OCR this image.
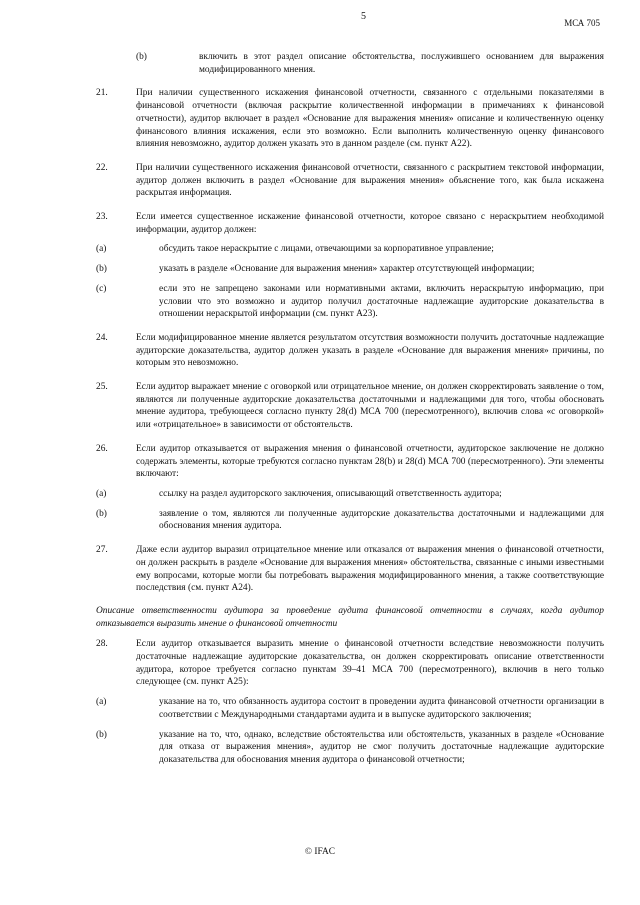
5
МСА 705
(b)	включить в этот раздел описание обстоятельства, послужившего основанием для выражения модифицированного мнения.
21.	При наличии существенного искажения финансовой отчетности, связанного с отдельными показателями в финансовой отчетности (включая раскрытие количественной информации в примечаниях к финансовой отчетности), аудитор включает в раздел «Основание для выражения мнения» описание и количественную оценку финансового влияния искажения, если это возможно. Если выполнить количественную оценку финансового влияния невозможно, аудитор должен указать это в данном разделе (см. пункт A22).
22.	При наличии существенного искажения финансовой отчетности, связанного с раскрытием текстовой информации, аудитор должен включить в раздел «Основание для выражения мнения» объяснение того, как была искажена раскрытая информация.
23.	Если имеется существенное искажение финансовой отчетности, которое связано с нераскрытием необходимой информации, аудитор должен:
(a)	обсудить такое нераскрытие с лицами, отвечающими за корпоративное управление;
(b)	указать в разделе «Основание для выражения мнения» характер отсутствующей информации;
(c)	если это не запрещено законами или нормативными актами, включить нераскрытую информацию, при условии что это возможно и аудитор получил достаточные надлежащие аудиторские доказательства в отношении нераскрытой информации (см. пункт A23).
24.	Если модифицированное мнение является результатом отсутствия возможности получить достаточные надлежащие аудиторские доказательства, аудитор должен указать в разделе «Основание для выражения мнения» причины, по которым это невозможно.
25.	Если аудитор выражает мнение с оговоркой или отрицательное мнение, он должен скорректировать заявление о том, являются ли полученные аудиторские доказательства достаточными и надлежащими для того, чтобы обосновать мнение аудитора, требующееся согласно пункту 28(d) МСА 700 (пересмотренного), включив слова «с оговоркой» или «отрицательное» в зависимости от обстоятельств.
26.	Если аудитор отказывается от выражения мнения о финансовой отчетности, аудиторское заключение не должно содержать элементы, которые требуются согласно пунктам 28(b) и 28(d) МСА 700 (пересмотренного). Эти элементы включают:
(a)	ссылку на раздел аудиторского заключения, описывающий ответственность аудитора;
(b)	заявление о том, являются ли полученные аудиторские доказательства достаточными и надлежащими для обоснования мнения аудитора.
27.	Даже если аудитор выразил отрицательное мнение или отказался от выражения мнения о финансовой отчетности, он должен раскрыть в разделе «Основание для выражения мнения» обстоятельства, связанные с иными известными ему вопросами, которые могли бы потребовать выражения модифицированного мнения, а также соответствующие последствия (см. пункт A24).
Описание ответственности аудитора за проведение аудита финансовой отчетности в случаях, когда аудитор отказывается выразить мнение о финансовой отчетности
28.	Если аудитор отказывается выразить мнение о финансовой отчетности вследствие невозможности получить достаточные надлежащие аудиторские доказательства, он должен скорректировать описание ответственности аудитора, которое требуется согласно пунктам 39–41 МСА 700 (пересмотренного), включив в него только следующее (см. пункт A25):
(a)	указание на то, что обязанность аудитора состоит в проведении аудита финансовой отчетности организации в соответствии с Международными стандартами аудита и в выпуске аудиторского заключения;
(b)	указание на то, что, однако, вследствие обстоятельства или обстоятельств, указанных в разделе «Основание для отказа от выражения мнения», аудитор не смог получить достаточные надлежащие аудиторские доказательства для обоснования мнения аудитора о финансовой отчетности;
© IFAC
